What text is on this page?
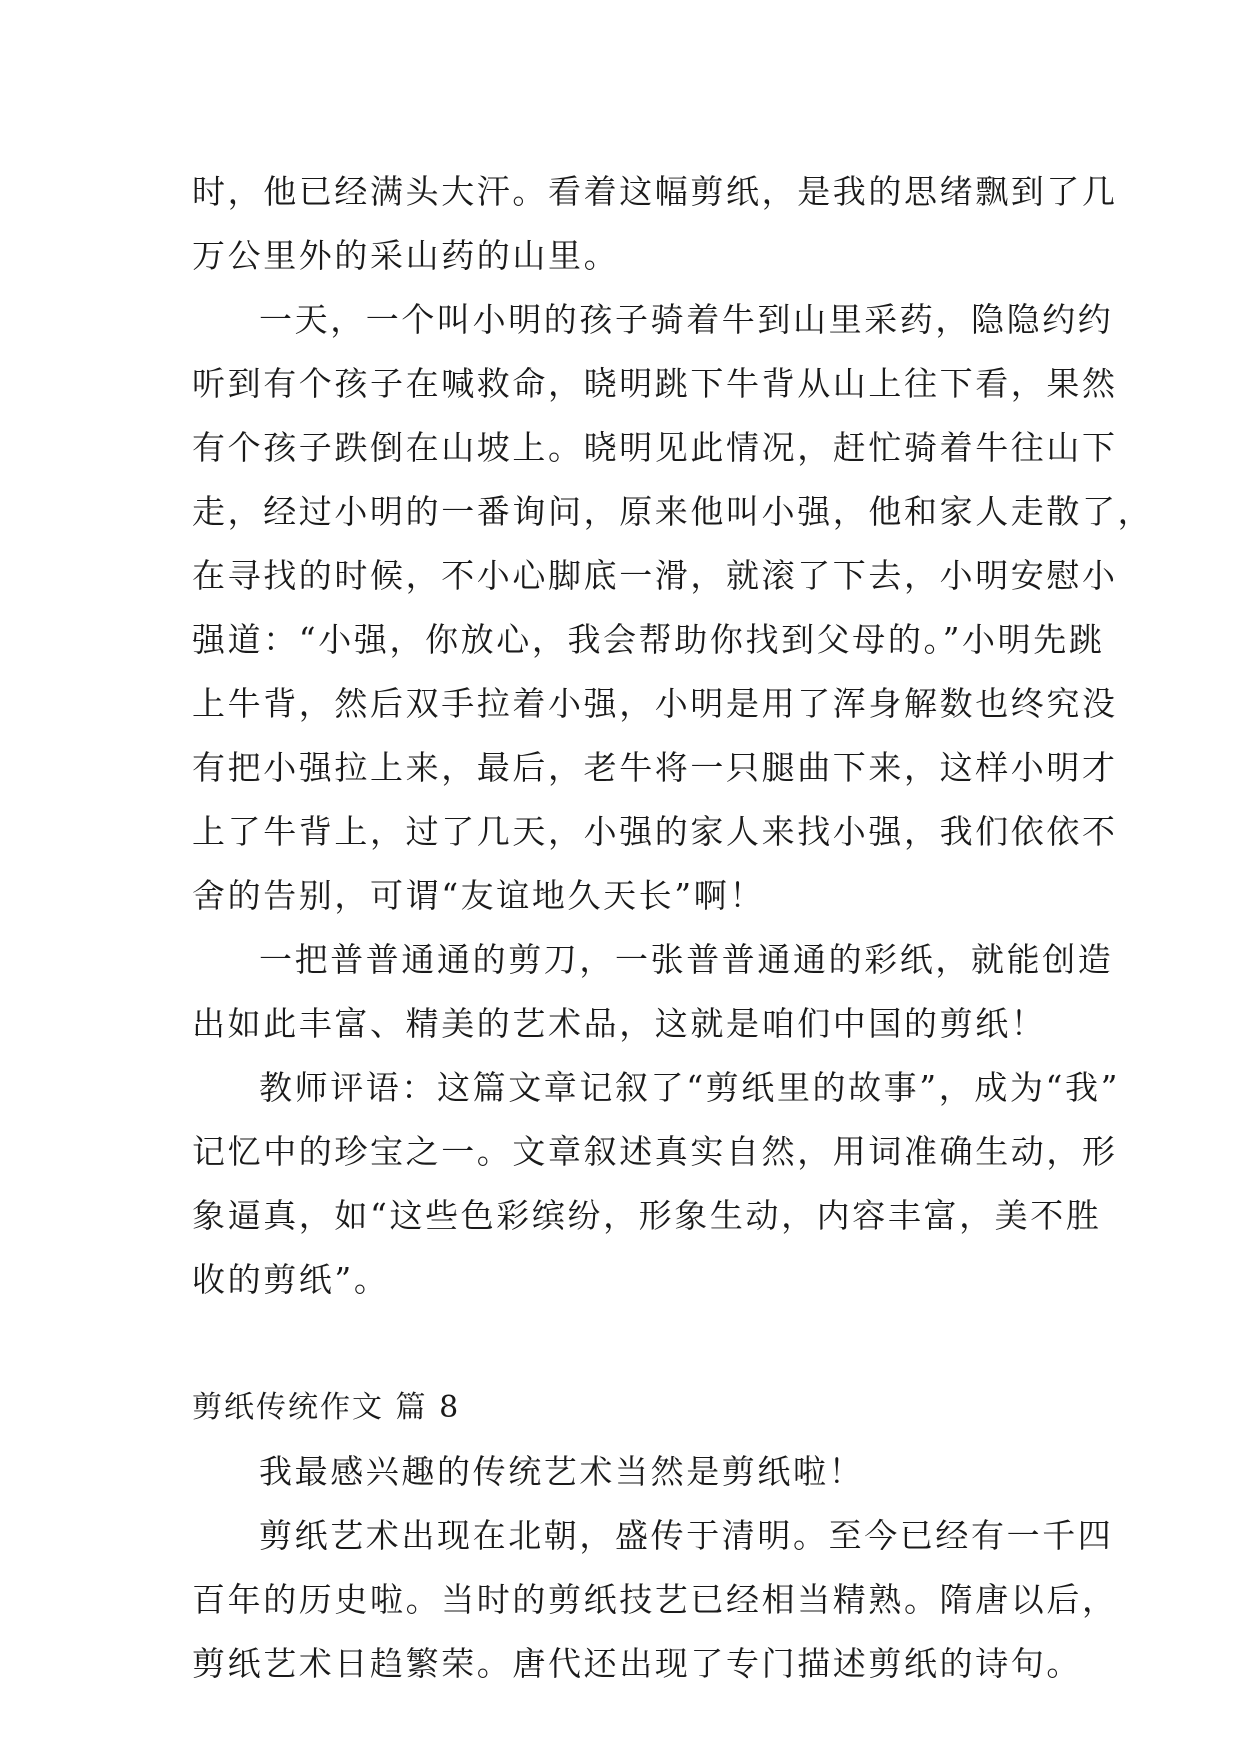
时，他已经满头大汗。看着这幅剪纸，是我的思绪飘到了几
万公里外的采山药的山里。
一天，一个叫小明的孩子骑着牛到山里采药，隐隐约约
听到有个孩子在喊救命，晓明跳下牛背从山上往下看，果然
有个孩子跌倒在山坡上。晓明见此情况，赶忙骑着牛往山下
走，经过小明的一番询问，原来他叫小强，他和家人走散了，
在寻找的时候，不小心脚底一滑，就滚了下去，小明安慰小
强道：“小强，你放心，我会帮助你找到父母的。”小明先跳
上牛背，然后双手拉着小强，小明是用了浑身解数也终究没
有把小强拉上来，最后，老牛将一只腿曲下来，这样小明才
上了牛背上，过了几天，小强的家人来找小强，我们依依不
舍的告别，可谓“友谊地久天长”啊！
一把普普通通的剪刀，一张普普通通的彩纸，就能创造
出如此丰富、精美的艺术品，这就是咱们中国的剪纸！
教师评语：这篇文章记叙了“剪纸里的故事”，成为“我”
记忆中的珍宝之一。文章叙述真实自然，用词准确生动，形
象逼真，如“这些色彩缤纷，形象生动，内容丰富，美不胜
收的剪纸”。
剪纸传统作文 篇 8
我最感兴趣的传统艺术当然是剪纸啦！
剪纸艺术出现在北朝，盛传于清明。至今已经有一千四
百年的历史啦。当时的剪纸技艺已经相当精熟。隋唐以后，
剪纸艺术日趋繁荣。唐代还出现了专门描述剪纸的诗句。
